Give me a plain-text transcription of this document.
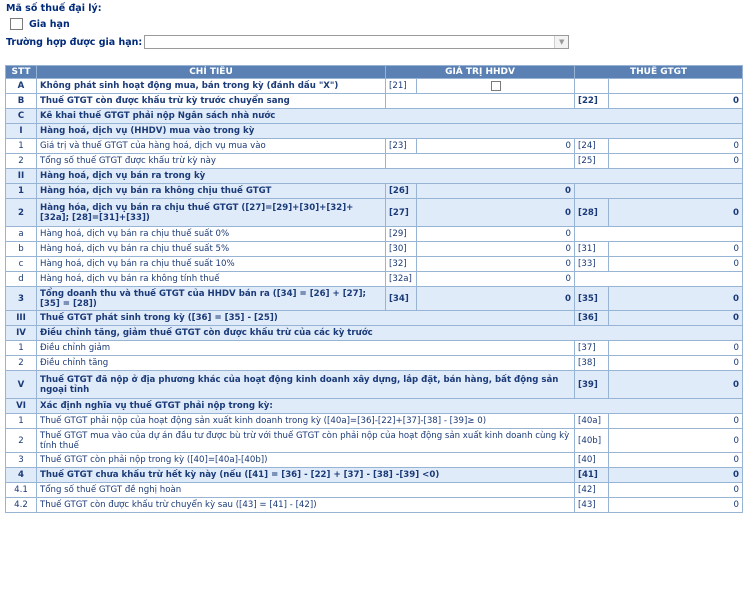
Mã số thuế đại lý:
Gia hạn
Trường hợp được gia hạn:	▼
STT	CHỈ TIÊU	GIÁ TRỊ HHDV		THUẾ GTGT	
A	Không phát sinh hoạt động mua, bán trong kỳ (đánh dấu "X")	[21]			
B	Thuế GTGT còn được khấu trừ kỳ trước chuyển sang			[22]	0
C	Kê khai thuế GTGT phải nộp Ngân sách nhà nước				
I	Hàng hoá, dịch vụ (HHDV) mua vào trong kỳ				
1	Giá trị và thuế GTGT của hàng hoá, dịch vụ mua vào	[23]	0	[24]	0
2	Tổng số thuế GTGT được khấu trừ kỳ này			[25]	0
II	Hàng hoá, dịch vụ bán ra trong kỳ				
1	Hàng hóa, dịch vụ bán ra không chịu thuế GTGT	[26]	0		
2	Hàng hóa, dịch vụ bán ra chịu thuế GTGT ([27]=[29]+[30]+[32]+[32a]; [28]=[31]+[33])	[27]	0	[28]	0
a	Hàng hoá, dịch vụ bán ra chịu thuế suất 0%	[29]	0		
b	Hàng hoá, dịch vụ bán ra chịu thuế suất 5%	[30]	0	[31]	0
c	Hàng hoá, dịch vụ bán ra chịu thuế suất 10%	[32]	0	[33]	0
d	Hàng hoá, dịch vụ bán ra không tính thuế	[32a]	0		
3	Tổng doanh thu và thuế GTGT của HHDV bán ra ([34] = [26] + [27]; [35] = [28])	[34]	0	[35]	0
III	Thuế GTGT phát sinh trong kỳ ([36] = [35] - [25])			[36]	0
IV	Điều chỉnh tăng, giảm thuế GTGT còn được khấu trừ của các kỳ trước				
1	Điều chỉnh giảm			[37]	0
2	Điều chỉnh tăng			[38]	0
V	Thuế GTGT đã nộp ở địa phương khác của hoạt động kinh doanh xây dựng, lắp đặt, bán hàng, bất động sản ngoại tỉnh			[39]	0
VI	Xác định nghĩa vụ thuế GTGT phải nộp trong kỳ:				
1	Thuế GTGT phải nộp của hoạt động sản xuất kinh doanh trong kỳ ([40a]=[36]-[22]+[37]-[38] - [39]≥ 0)			[40a]	0
2	Thuế GTGT mua vào của dự án đầu tư được bù trừ với thuế GTGT còn phải nộp của hoạt động sản xuất kinh doanh cùng kỳ tính thuế			[40b]	0
3	Thuế GTGT còn phải nộp trong kỳ ([40]=[40a]-[40b])			[40]	0
4	Thuế GTGT chưa khấu trừ hết kỳ này (nếu ([41] = [36] - [22] + [37] - [38] -[39] <0)			[41]	0
4.1	Tổng số thuế GTGT đề nghị hoàn			[42]	0
4.2	Thuế GTGT còn được khấu trừ chuyển kỳ sau ([43] = [41] - [42])			[43]	0
